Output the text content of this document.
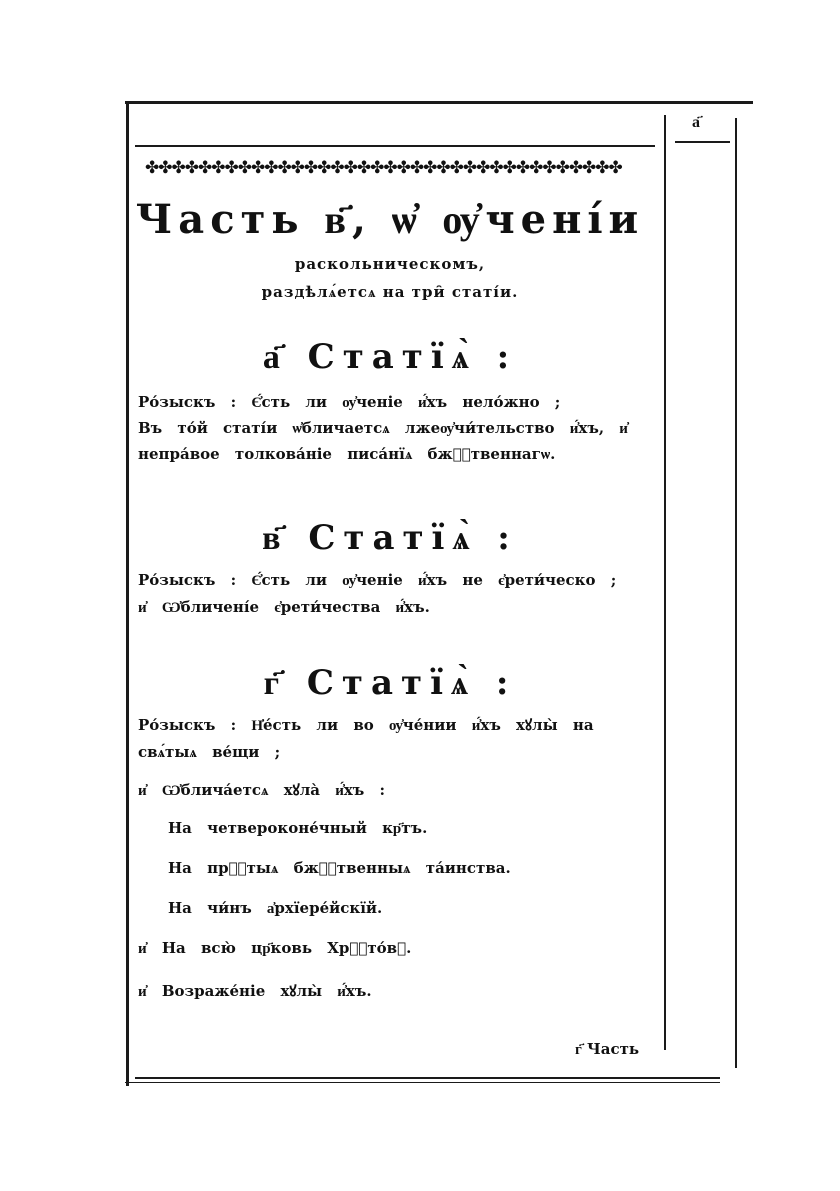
а҃
✤✤✤✤✤✤✤✤✤✤✤✤✤✤✤✤✤✤✤✤✤✤✤✤✤✤✤✤✤✤✤✤✤✤✤✤
Часть в҃, ѡ҆ ѹ҆чені́и
раскольническомъ,
раздѣлѧ́етсѧ на три̑ статі́и.
а҃ Статїѧ̀ :
Ро́зыскъ : Є҆́сть ли ѹ҆ченіе и҆́хъ нело́жно ;
Въ то́й статі́и ѡ҆бличаетсѧ лжеѹ҆чи́тельство и҆́хъ, и҆
непра́вое толкова́ніе писа́нїѧ бжⷭ҇твеннагѡ.
в҃ Статїѧ̀ :
Ро́зыскъ : Є҆́сть ли ѹ҆ченіе и҆́хъ не є҆рети́ческо ;
и҆ Ѡ҆бличені́е є҆рети́чества и҆́хъ.
г҃ Статїѧ̀ :
Ро́зыскъ : Н҆е́сть ли во ѹ҆че́нии и҆́хъ хꙋлы̀ на
свѧ́тыѧ ве́щи ;
и҆ Ѡ҆блича́етсѧ хꙋла̀ и҆́хъ :
На четвероконе́чный кр҃тъ.
На прⷭ҇тыѧ бжⷭ҇твенныѧ та́инства.
На чи́нъ а҆рхїере́йскїй.
и҆ На всю̀ цр҃ковь Хрⷭ҇то́вꙋ.
и҆ Возраже́ніе хꙋлы̀ и҆́хъ.
г҃ Часть
